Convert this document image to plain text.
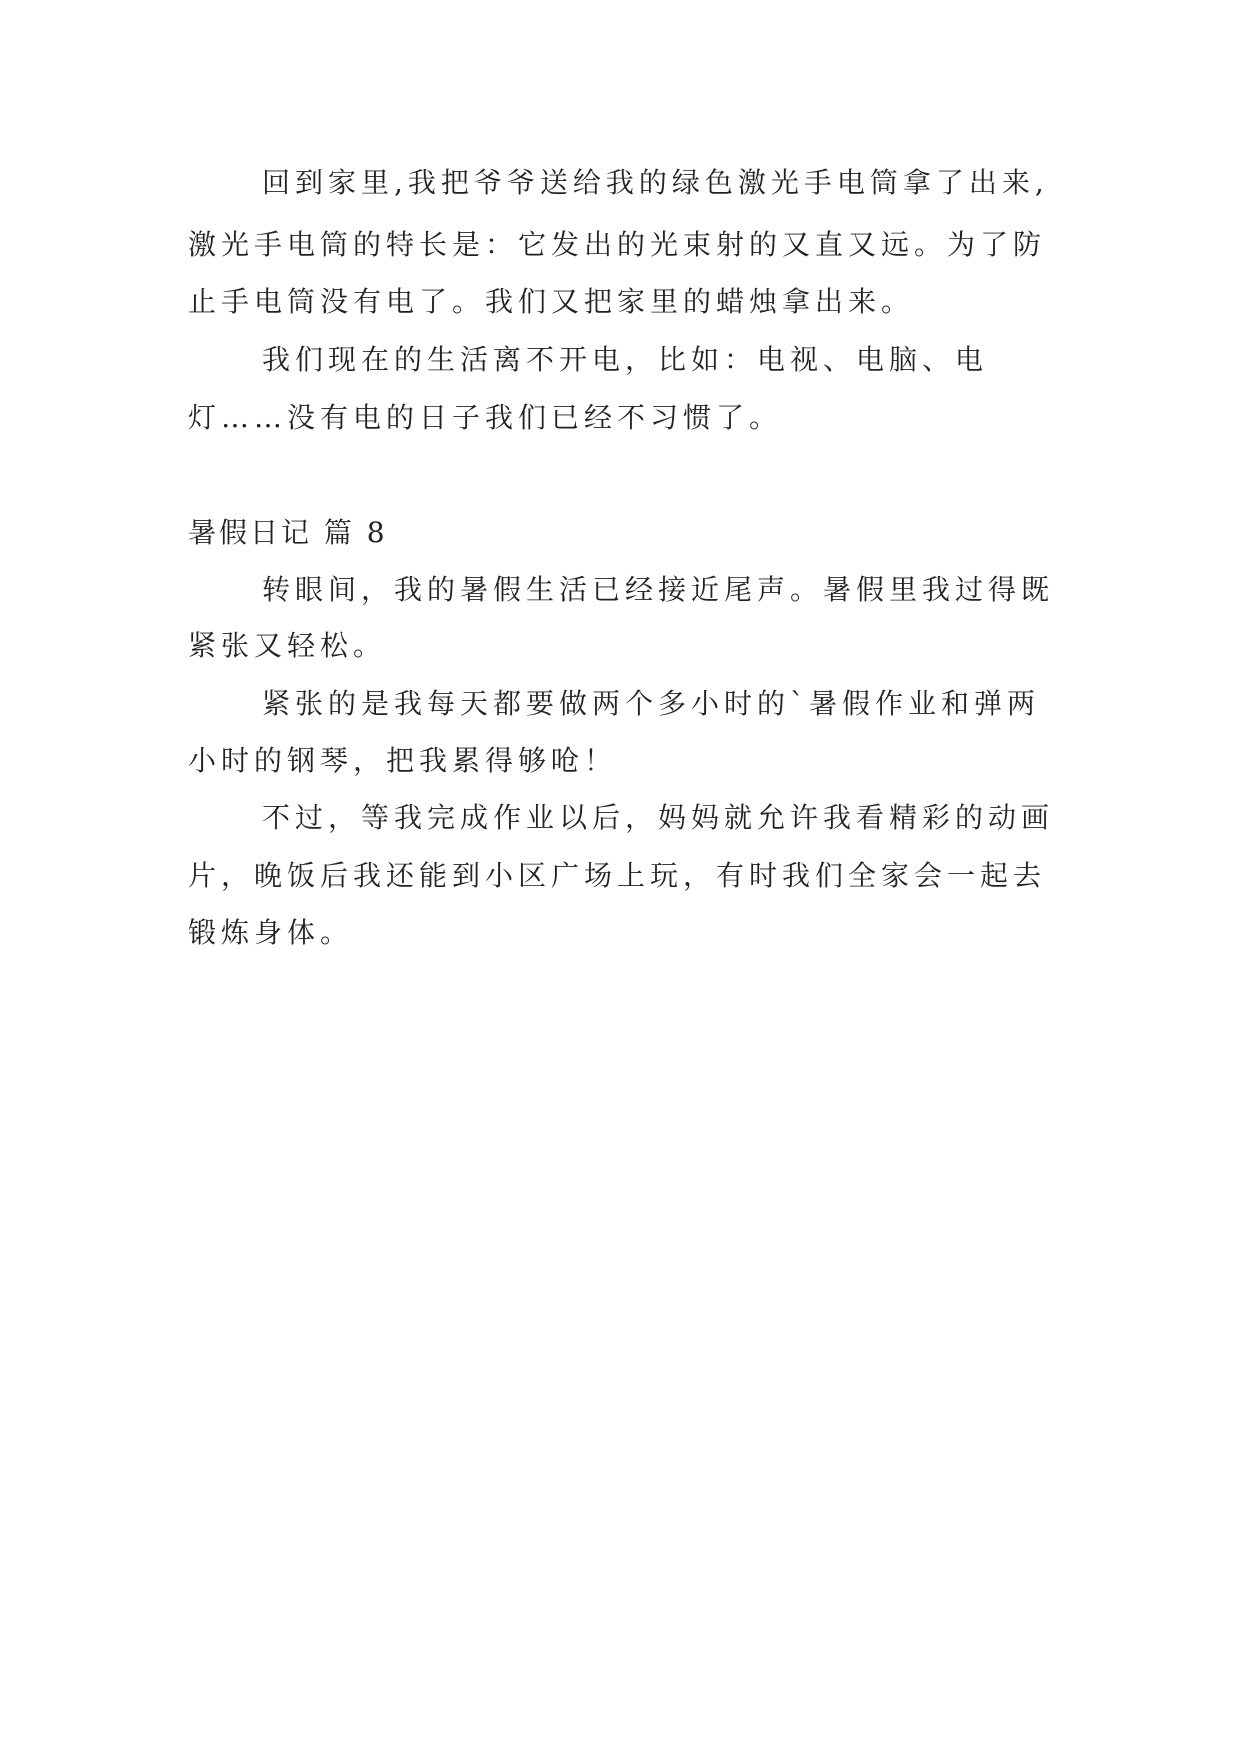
回到家里,我把爷爷送给我的绿色激光手电筒拿了出来,

激光手电筒的特长是：它发出的光束射的又直又远。为了防

止手电筒没有电了。我们又把家里的蜡烛拿出来。

我们现在的生活离不开电，比如：电视、电脑、电

灯……没有电的日子我们已经不习惯了。

暑假日记 篇 8

转眼间，我的暑假生活已经接近尾声。暑假里我过得既

紧张又轻松。

紧张的是我每天都要做两个多小时的`暑假作业和弹两

小时的钢琴，把我累得够呛！

不过，等我完成作业以后，妈妈就允许我看精彩的动画

片，晚饭后我还能到小区广场上玩，有时我们全家会一起去

锻炼身体。
